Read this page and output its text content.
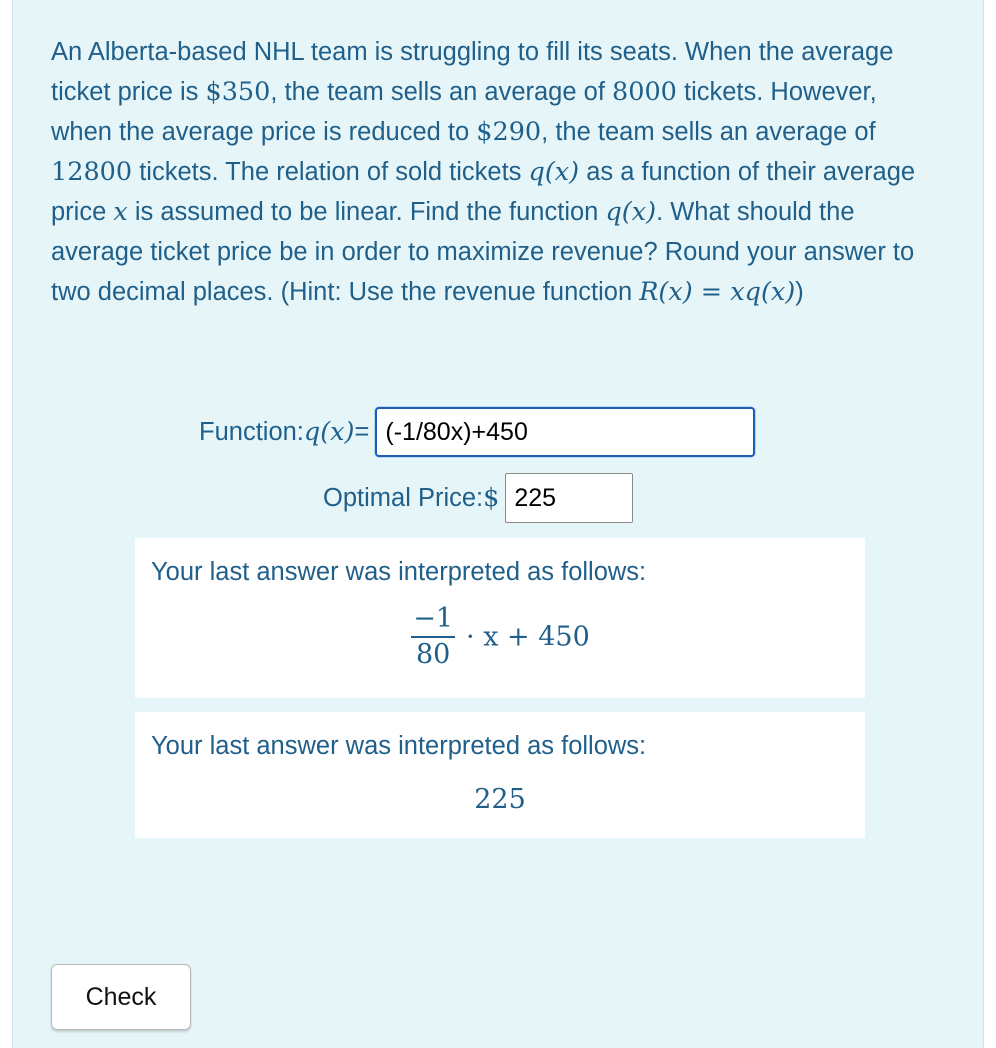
An Alberta-based NHL team is struggling to fill its seats. When the average ticket price is $350, the team sells an average of 8000 tickets. However, when the average price is reduced to $290, the team sells an average of 12800 tickets. The relation of sold tickets q(x) as a function of their average price x is assumed to be linear. Find the function q(x). What should the average ticket price be in order to maximize revenue? Round your answer to two decimal places. (Hint: Use the revenue function R(x) = xq(x))
Function: q(x) =
(-1/80x)+450
Optimal Price: $
225
Your last answer was interpreted as follows:
$\frac{-1}{80} \cdot x + 450$
Your last answer was interpreted as follows:
225
Check
